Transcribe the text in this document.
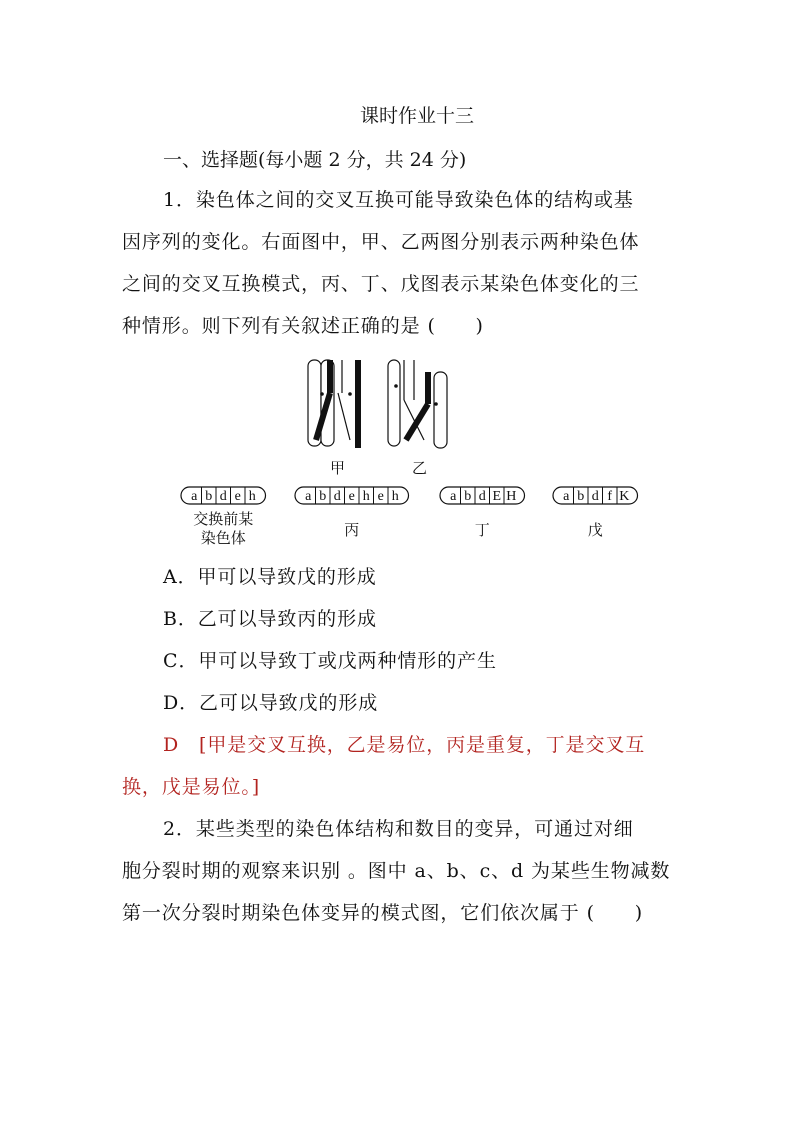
课时作业十三
一、选择题(每小题 2 分，共 24 分)
1．染色体之间的交叉互换可能导致染色体的结构或基
因序列的变化。右面图中，甲、乙两图分别表示两种染色体
之间的交叉互换模式，丙、丁、戊图表示某染色体变化的三
种情形。则下列有关叙述正确的是 (　　)
甲	乙
a b d e h
交换前某
染色体
a b d e h e h
丙
a b d E H
丁
a b d f K
戊
A．甲可以导致戊的形成
B．乙可以导致丙的形成
C．甲可以导致丁或戊两种情形的产生
D．乙可以导致戊的形成
D　[甲是交叉互换，乙是易位，丙是重复，丁是交叉互
换，戊是易位。]
2．某些类型的染色体结构和数目的变异，可通过对细
胞分裂时期的观察来识别 。图中 a、b、c、d 为某些生物减数
第一次分裂时期染色体变异的模式图，它们依次属于 (　　)
